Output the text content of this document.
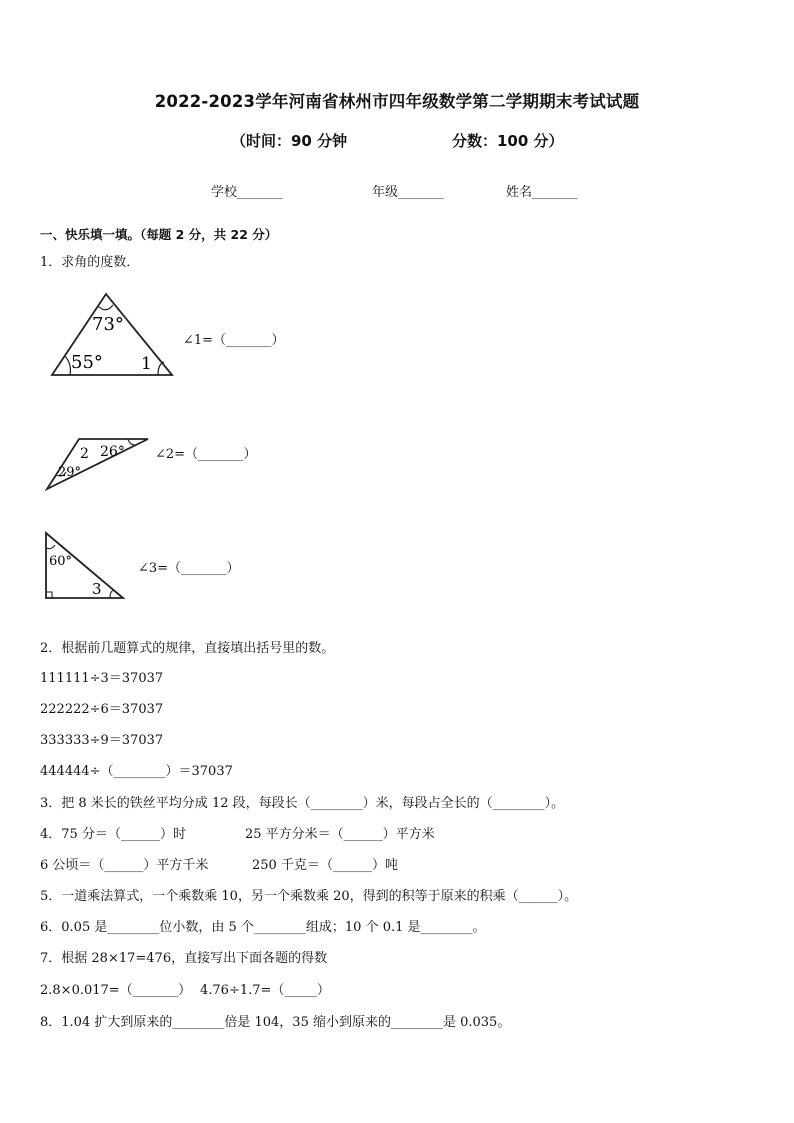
2022-2023学年河南省林州市四年级数学第二学期期末考试试题
（时间：90 分钟	分数：100 分）
学校_______	年级_______	姓名_______
一、快乐填一填。（每题 2 分，共 22 分）
1．求角的度数．
73°
55° 1
∠1=（_______）
26°
2
29°
∠2=（_______）
60°
3
∠3=（_______）
2．根据前几题算式的规律，直接填出括号里的数。
111111÷3＝37037
222222÷6＝37037
333333÷9＝37037
444444÷（________）＝37037
3．把 8 米长的铁丝平均分成 12 段，每段长（________）米，每段占全长的（________）。
4．75 分＝（______）时	25 平方分米＝（______）平方米
6 公顷＝（______）平方千米	250 千克＝（______）吨
5．一道乘法算式，一个乘数乘 10，另一个乘数乘 20，得到的积等于原来的积乘（______）。
6．0.05 是________位小数，由 5 个________组成；10 个 0.1 是________。
7．根据 28×17=476，直接写出下面各题的得数
2.8×0.017=（_______） 4.76÷1.7=（_____）
8．1.04 扩大到原来的________倍是 104，35 缩小到原来的________是 0.035。
